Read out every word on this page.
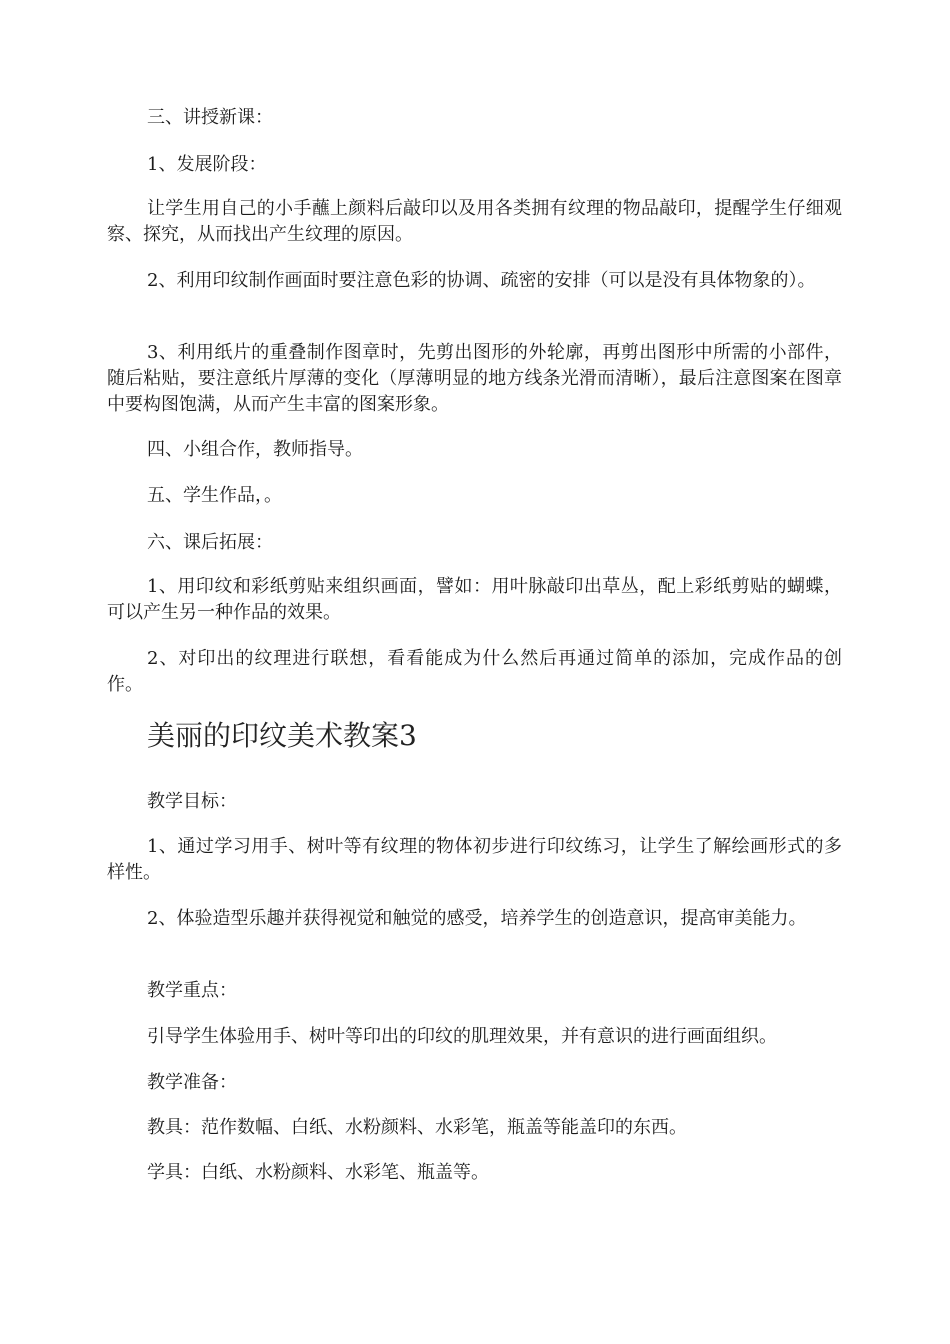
三、讲授新课：

1、发展阶段：

让学生用自己的小手蘸上颜料后敲印以及用各类拥有纹理的物品敲印，提醒学生仔细观察、探究，从而找出产生纹理的原因。

2、利用印纹制作画面时要注意色彩的协调、疏密的安排（可以是没有具体物象的）。

3、利用纸片的重叠制作图章时，先剪出图形的外轮廓，再剪出图形中所需的小部件，随后粘贴，要注意纸片厚薄的变化（厚薄明显的地方线条光滑而清晰），最后注意图案在图章中要构图饱满，从而产生丰富的图案形象。

四、小组合作，教师指导。

五、学生作品，。

六、课后拓展：

1、用印纹和彩纸剪贴来组织画面，譬如：用叶脉敲印出草丛，配上彩纸剪贴的蝴蝶，可以产生另一种作品的效果。

2、对印出的纹理进行联想，看看能成为什么然后再通过简单的添加，完成作品的创作。

美丽的印纹美术教案3

教学目标：

1、通过学习用手、树叶等有纹理的物体初步进行印纹练习，让学生了解绘画形式的多样性。

2、体验造型乐趣并获得视觉和触觉的感受，培养学生的创造意识，提高审美能力。

教学重点：

引导学生体验用手、树叶等印出的印纹的肌理效果，并有意识的进行画面组织。

教学准备：

教具：范作数幅、白纸、水粉颜料、水彩笔，瓶盖等能盖印的东西。

学具：白纸、水粉颜料、水彩笔、瓶盖等。
